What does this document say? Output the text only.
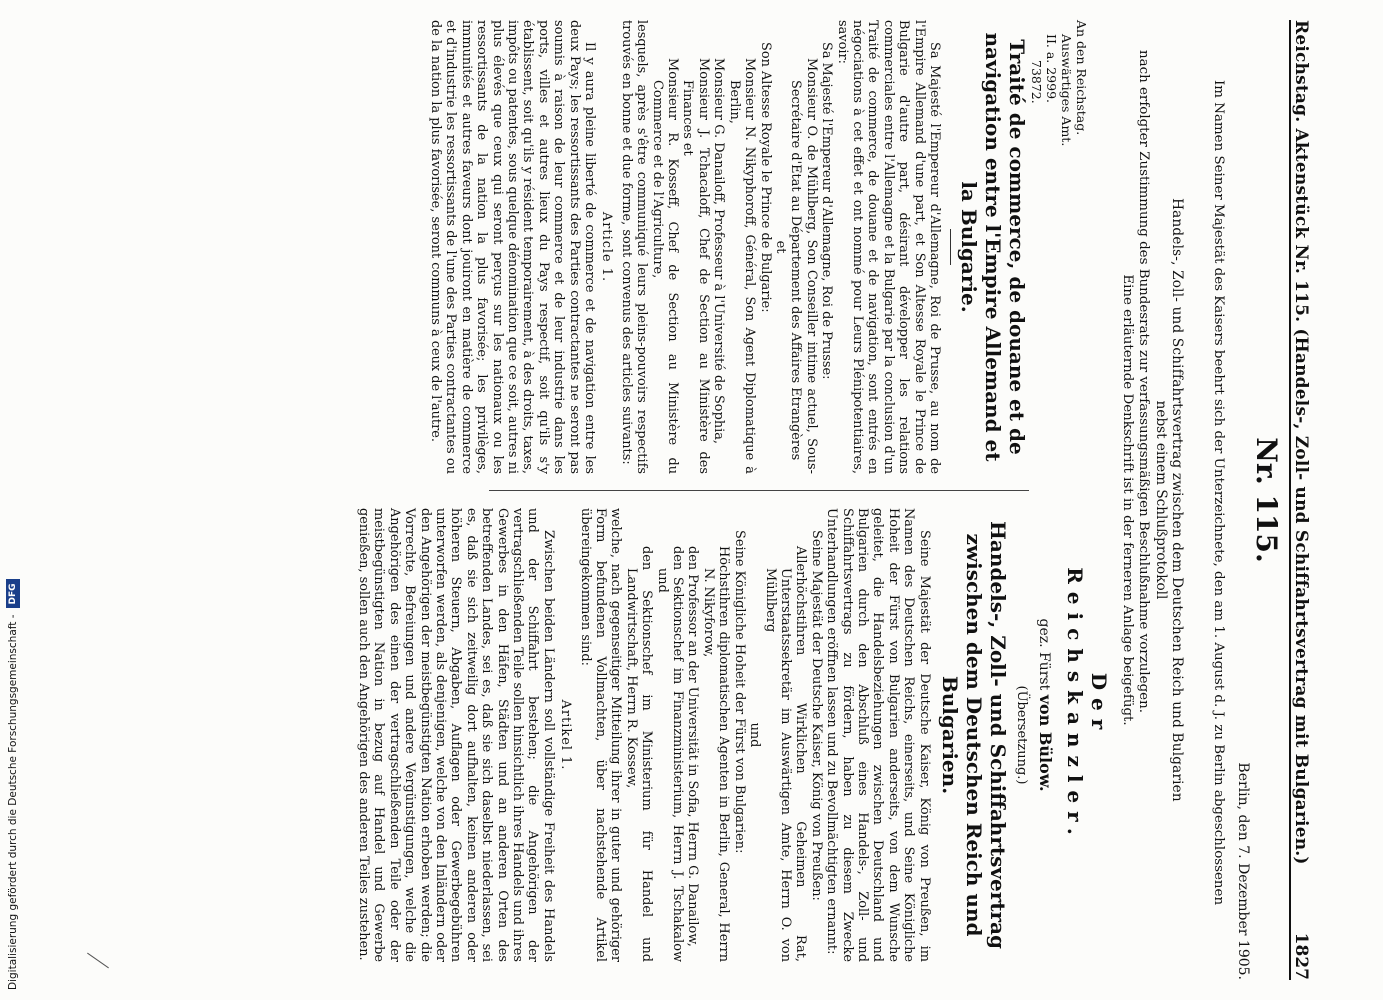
Reichstag. Aktenstück Nr. 115. (Handels-, Zoll- und Schiffahrtsvertrag mit Bulgarien.)
1827
Nr. 115.
Berlin, den 7. Dezember 1905.
Im Namen Seiner Majestät des Kaisers beehrt sich der Unterzeichnete, den am 1. August d. J. zu Berlin abgeschlossenen
Handels-, Zoll- und Schiffahrtsvertrag zwischen dem Deutschen Reich und Bulgarien
nebst einem Schlußprotokoll
nach erfolgter Zustimmung des Bundesrats zur verfassungsmäßigen Beschlußnahme vorzulegen.
Eine erläuternde Denkschrift ist in der ferneren Anlage beigefügt.
An den Reichstag.
Auswärtiges Amt.
II. a. 2999.
73872.
Der Reichskanzler.
gez. Fürst von Bülow.
Traité de commerce, de douane et de navigation entre l'Empire Allemand et la Bulgarie.

Sa Majesté l'Empereur d'Allemagne, Roi de Prusse, au nom de l'Empire Allemand d'une part, et Son Altesse Royale le Prince de Bulgarie d'autre part, désirant développer les relations commerciales entre l'Allemagne et la Bulgarie par la conclusion d'un Traité de commerce, de douane et de navigation, sont entrés en négociations à cet effet et ont nommé pour Leurs Plénipotentiaires, savoir:

Sa Majesté l'Empereur d'Allemagne, Roi de Prusse:

Monsieur O. de Mühlberg, Son Conseiller intime actuel, Sous-Secrétaire d'Etat au Département des Affaires Etrangères

et

Son Altesse Royale le Prince de Bulgarie:

Monsieur N. Nikyphoroff, Général, Son Agent Diplomatique à Berlin,

Monsieur G. Danailoff, Professeur à l'Université de Sophia,

Monsieur J. Tchacaloff, Chef de Section au Ministère des Finances et

Monsieur R. Kosseff, Chef de Section au Ministère du Commerce et de l'Agriculture,

lesquels, après s'être communiqué leurs pleins-pouvoirs respectifs trouvés en bonne et due forme, sont convenus des articles suivants:

Article 1.

Il y aura pleine liberté de commerce et de navigation entre les deux Pays; les ressortissants des Parties contractantes ne seront pas soumis à raison de leur commerce et de leur industrie dans les ports, villes et autres lieux du Pays respectif, soit qu'ils s'y établissent, soit qu'ils y résident temporairement, à des droits, taxes, impôts ou patentes, sous quelque dénomination que ce soit, autres ni plus élevés que ceux qui seront perçus sur les nationaux ou les ressortissants de la nation la plus favorisée; les privilèges, immunités et autres faveurs dont jouiront en matière de commerce et d'industrie les ressortissants de l'une des Parties contractantes ou de la nation la plus favorisée, seront communs à ceux de l'autre.

(Übersetzung.)
Handels-, Zoll- und Schiffahrtsvertrag zwischen dem Deutschen Reich und Bulgarien.

Seine Majestät der Deutsche Kaiser, König von Preußen, im Namen des Deutschen Reichs, einerseits, und Seine Königliche Hoheit der Fürst von Bulgarien anderseits, von dem Wunsche geleitet, die Handelsbeziehungen zwischen Deutschland und Bulgarien durch den Abschluß eines Handels-, Zoll- und Schiffahrtsvertrags zu fördern, haben zu diesem Zwecke Unterhandlungen eröffnen lassen und zu Bevollmächtigten ernannt:

Seine Majestät der Deutsche Kaiser, König von Preußen:

Allerhöchstihren Wirklichen Geheimen Rat, Unterstaatssekretär im Auswärtigen Amte, Herrn O. von Mühlberg

und

Seine Königliche Hoheit der Fürst von Bulgarien:

Höchstihren diplomatischen Agenten in Berlin, General, Herrn N. Nikyforow,

den Professor an der Universität in Sofia, Herrn G. Danailow,

den Sektionschef im Finanzministerium, Herrn J. Tschakalow und

den Sektionschef im Ministerium für Handel und Landwirtschaft, Herrn R. Kossew,

welche, nach gegenseitiger Mitteilung ihrer in guter und gehöriger Form befundenen Vollmachten, über nachstehende Artikel übereingekommen sind:

Artikel 1.

Zwischen beiden Ländern soll vollständige Freiheit des Handels und der Schiffahrt bestehen; die Angehörigen der vertragschließenden Teile sollen hinsichtlich ihres Handels und ihres Gewerbes in den Häfen, Städten und an anderen Orten des betreffenden Landes, sei es, daß sie sich daselbst niederlassen, sei es, daß sie sich zeitweilig dort aufhalten, keinen anderen oder höheren Steuern, Abgaben, Auflagen oder Gewerbegebühren unterworfen werden, als denjenigen, welche von den Inländern oder den Angehörigen der meistbegünstigten Nation erhoben werden; die Vorrechte, Befreiungen und andere Vergünstigungen, welche die Angehörigen des einen der vertragschließenden Teile oder der meistbegünstigten Nation in bezug auf Handel und Gewerbe genießen, sollen auch den Angehörigen des anderen Teiles zustehen.

Digitalisierung gefördert durch die Deutsche Forschungsgemeinschaft -DFG
